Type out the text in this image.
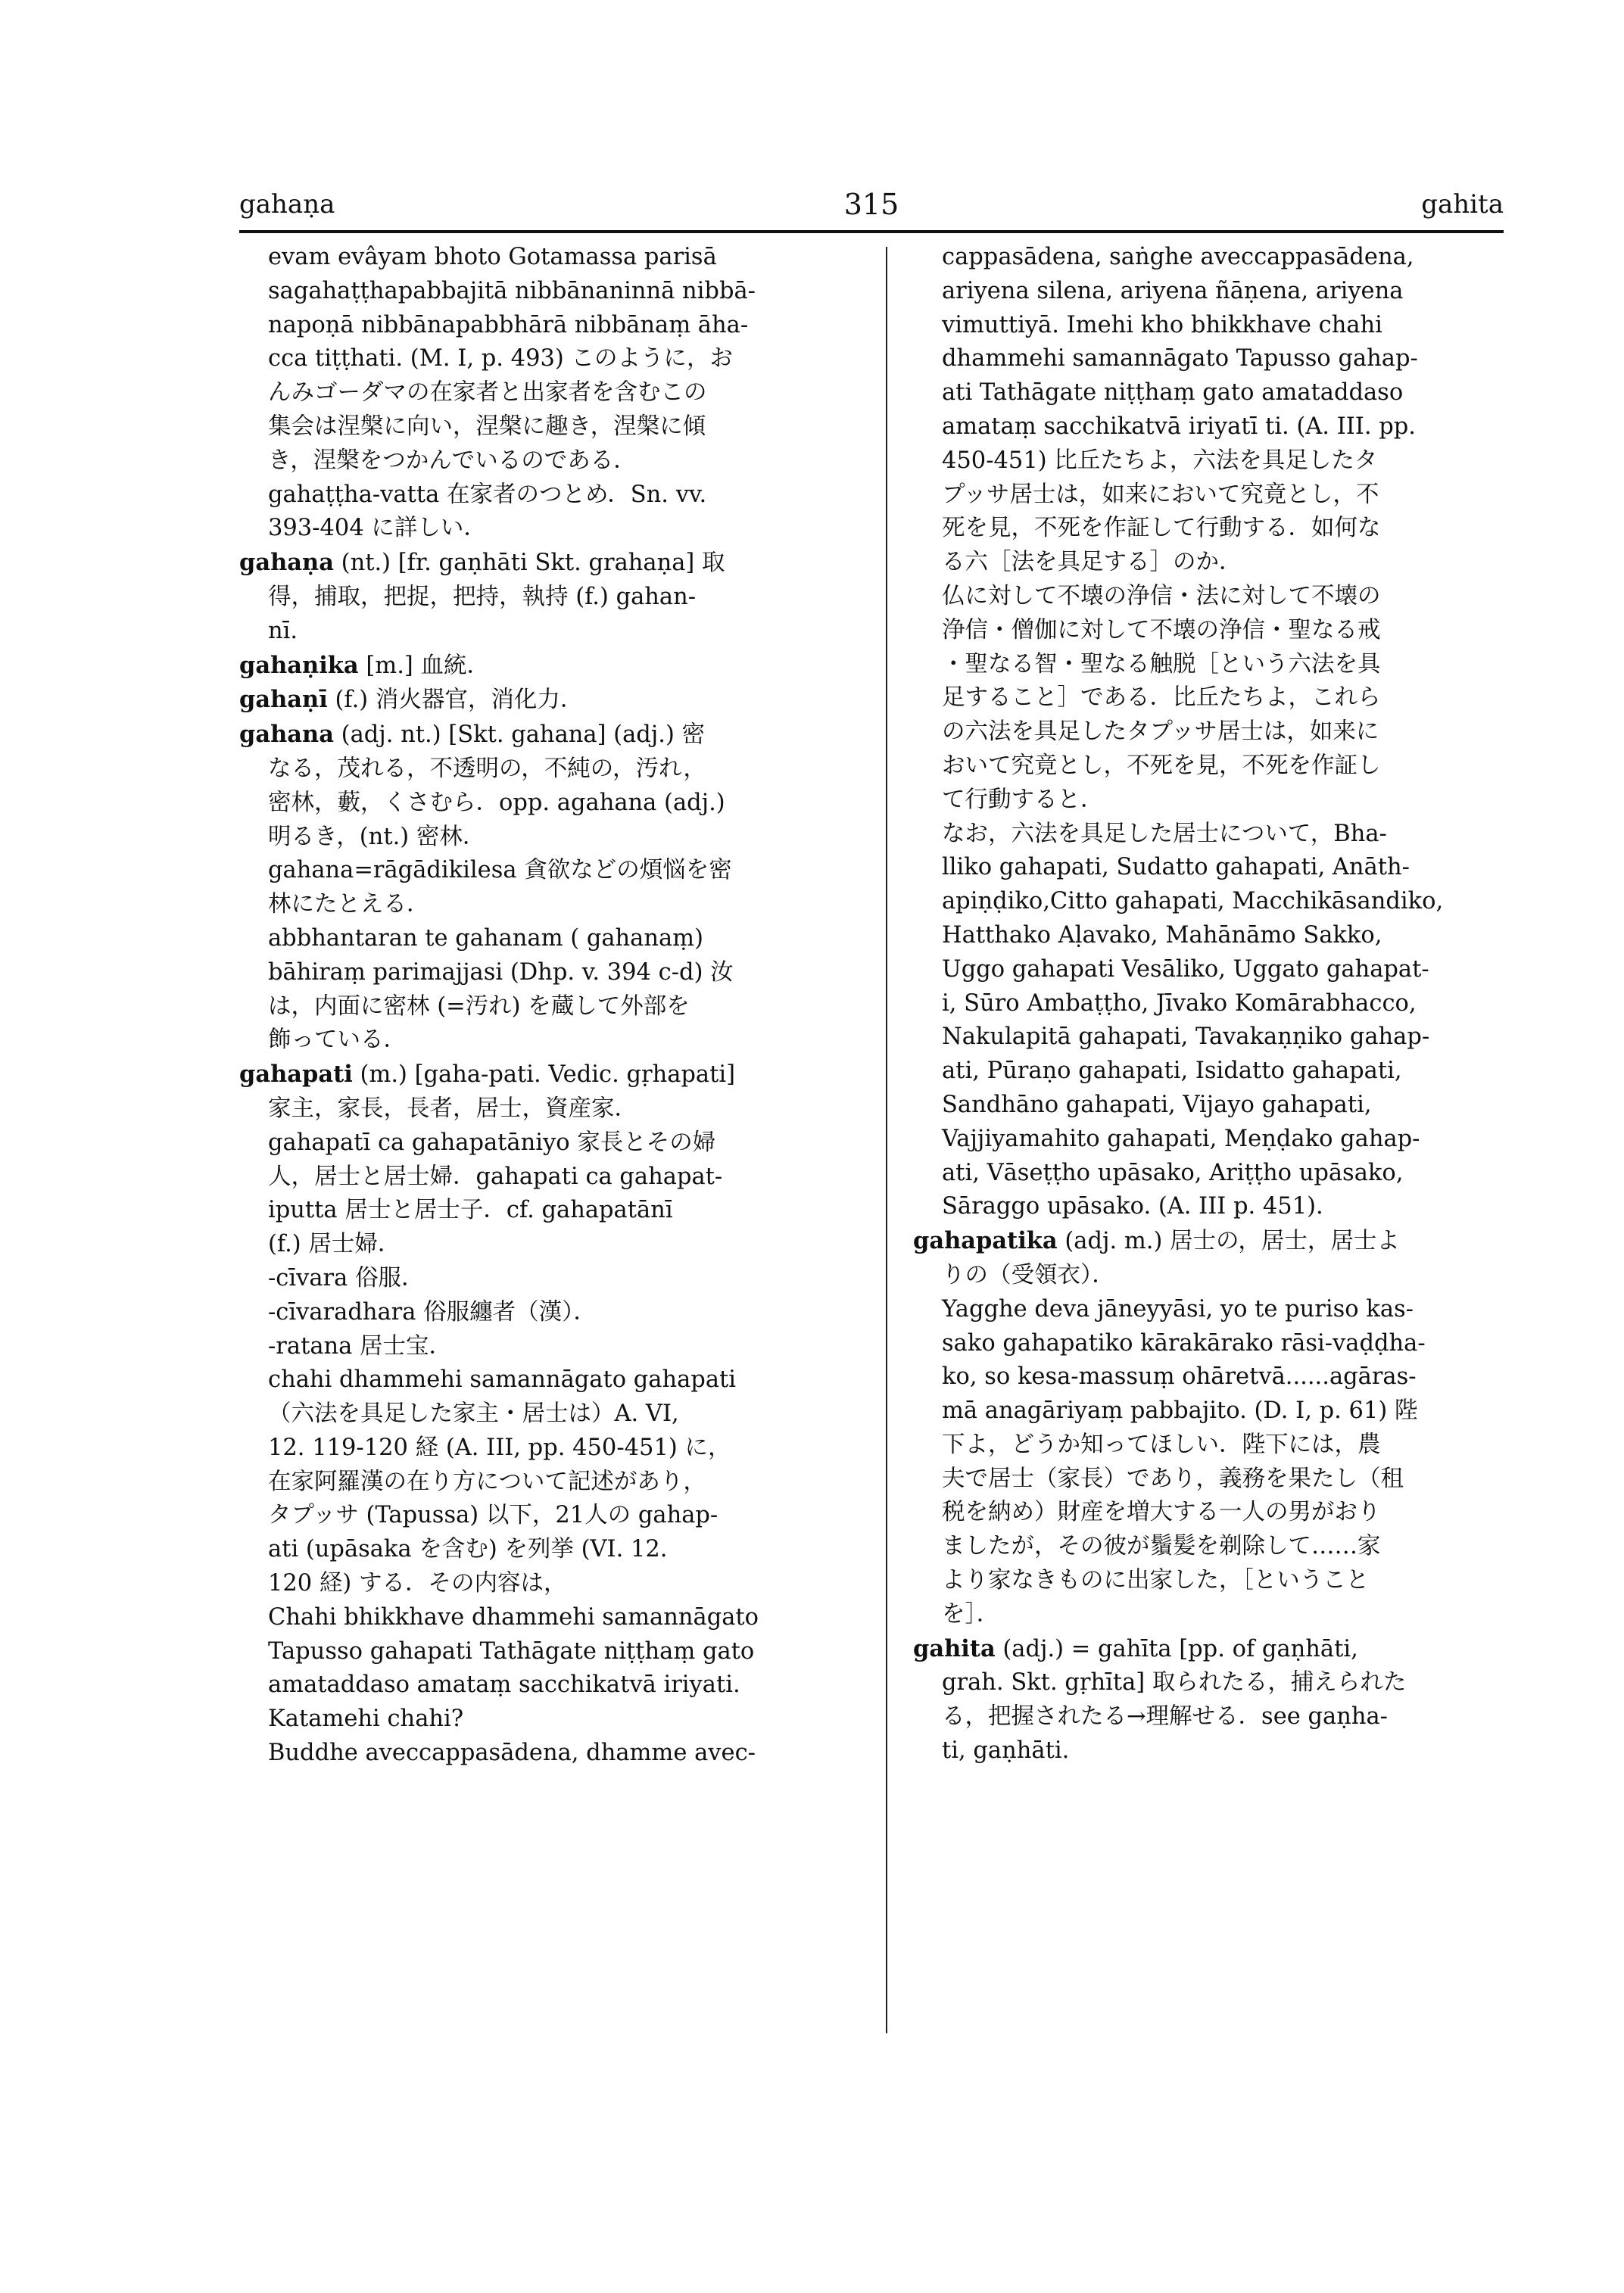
gahaṇa	315	gahita

evam evâyam bhoto Gotamassa parisā
sagahaṭṭhapabbajitā nibbānaninnā nibbā-
napoṇā nibbānapabbhārā nibbānaṃ āha-
cca tiṭṭhati. (M. I, p. 493) このように，お
んみゴーダマの在家者と出家者を含むこの
集会は涅槃に向い，涅槃に趣き，涅槃に傾
き，涅槃をつかんでいるのである．

gahaṭṭha-vatta 在家者のつとめ．Sn. vv.
393-404 に詳しい．

gahaṇa (nt.) [fr. gaṇhāti Skt. grahaṇa] 取
得，捕取，把捉，把持，執持 (f.) gahan-
nī.

gahaṇika [m.] 血統．

gahaṇī (f.) 消火器官，消化力．

gahana (adj. nt.) [Skt. gahana] (adj.) 密
なる，茂れる，不透明の，不純の，汚れ，
密林，藪，くさむら．opp. agahana (adj.)
明るき，(nt.) 密林．

gahana=rāgādikilesa 貪欲などの煩悩を密
林にたとえる．

abbhantaran te gahanam ( gahanaṃ)
bāhiraṃ parimajjasi (Dhp. v. 394 c-d) 汝
は，内面に密林 (=汚れ) を蔵して外部を
飾っている．

gahapati (m.) [gaha-pati. Vedic. gṛhapati]
家主，家長，長者，居士，資産家．

gahapatī ca gahapatāniyo 家長とその婦
人，居士と居士婦．gahapati ca gahapat-
iputta 居士と居士子．cf. gahapatānī
(f.) 居士婦．

-cīvara 俗服．

-cīvaradhara 俗服纏者（漢）．

-ratana 居士宝．

chahi dhammehi samannāgato gahapati
（六法を具足した家主・居士は）A. VI,
12. 119-120 経 (A. III, pp. 450-451) に，
在家阿羅漢の在り方について記述があり，
タプッサ (Tapussa) 以下，21人の gahap-
ati (upāsaka を含む) を列挙 (VI. 12.
120 経) する．その内容は，

Chahi bhikkhave dhammehi samannāgato
Tapusso gahapati Tathāgate niṭṭhaṃ gato
amataddaso amataṃ sacchikatvā iriyati.
Katamehi chahi?

Buddhe aveccappasādena, dhamme avec-

cappasādena, saṅghe aveccappasādena,
ariyena silena, ariyena ñāṇena, ariyena
vimuttiyā. Imehi kho bhikkhave chahi
dhammehi samannāgato Tapusso gahap-
ati Tathāgate niṭṭhaṃ gato amataddaso
amataṃ sacchikatvā iriyatī ti. (A. III. pp.
450-451) 比丘たちよ，六法を具足したタ
プッサ居士は，如来において究竟とし，不
死を見，不死を作証して行動する．如何な
る六［法を具足する］のか．

仏に対して不壊の浄信・法に対して不壊の
浄信・僧伽に対して不壊の浄信・聖なる戒
・聖なる智・聖なる触脱［という六法を具
足すること］である．比丘たちよ，これら
の六法を具足したタプッサ居士は，如来に
おいて究竟とし，不死を見，不死を作証し
て行動すると．

なお，六法を具足した居士について，Bha-
lliko gahapati, Sudatto gahapati, Anāth-
apiṇḍiko,Citto gahapati, Macchikāsandiko,
Hatthako Aḷavako, Mahānāmo Sakko,
Uggo gahapati Vesāliko, Uggato gahapat-
i, Sūro Ambaṭṭho, Jīvako Komārabhacco,
Nakulapitā gahapati, Tavakaṇṇiko gahap-
ati, Pūraṇo gahapati, Isidatto gahapati,
Sandhāno gahapati, Vijayo gahapati,
Vajjiyamahito gahapati, Meṇḍako gahap-
ati, Vāseṭṭho upāsako, Ariṭṭho upāsako,
Sāraggo upāsako. (A. III p. 451).

gahapatika (adj. m.) 居士の，居士，居士よ
りの（受領衣）．

Yagghe deva jāneyyāsi, yo te puriso kas-
sako gahapatiko kārakārako rāsi-vaḍḍha-
ko, so kesa-massuṃ ohāretvā......agāras-
mā anagāriyaṃ pabbajito. (D. I, p. 61) 陛
下よ，どうか知ってほしい．陛下には，農
夫で居士（家長）であり，義務を果たし（租
税を納め）財産を増大する一人の男がおり
ましたが，その彼が鬚髪を剃除して……家
より家なきものに出家した，［ということ
を］．

gahita (adj.) = gahīta [pp. of gaṇhāti,
grah. Skt. gṛhīta] 取られたる，捕えられた
る，把握されたる→理解せる．see gaṇha-
ti, gaṇhāti.
